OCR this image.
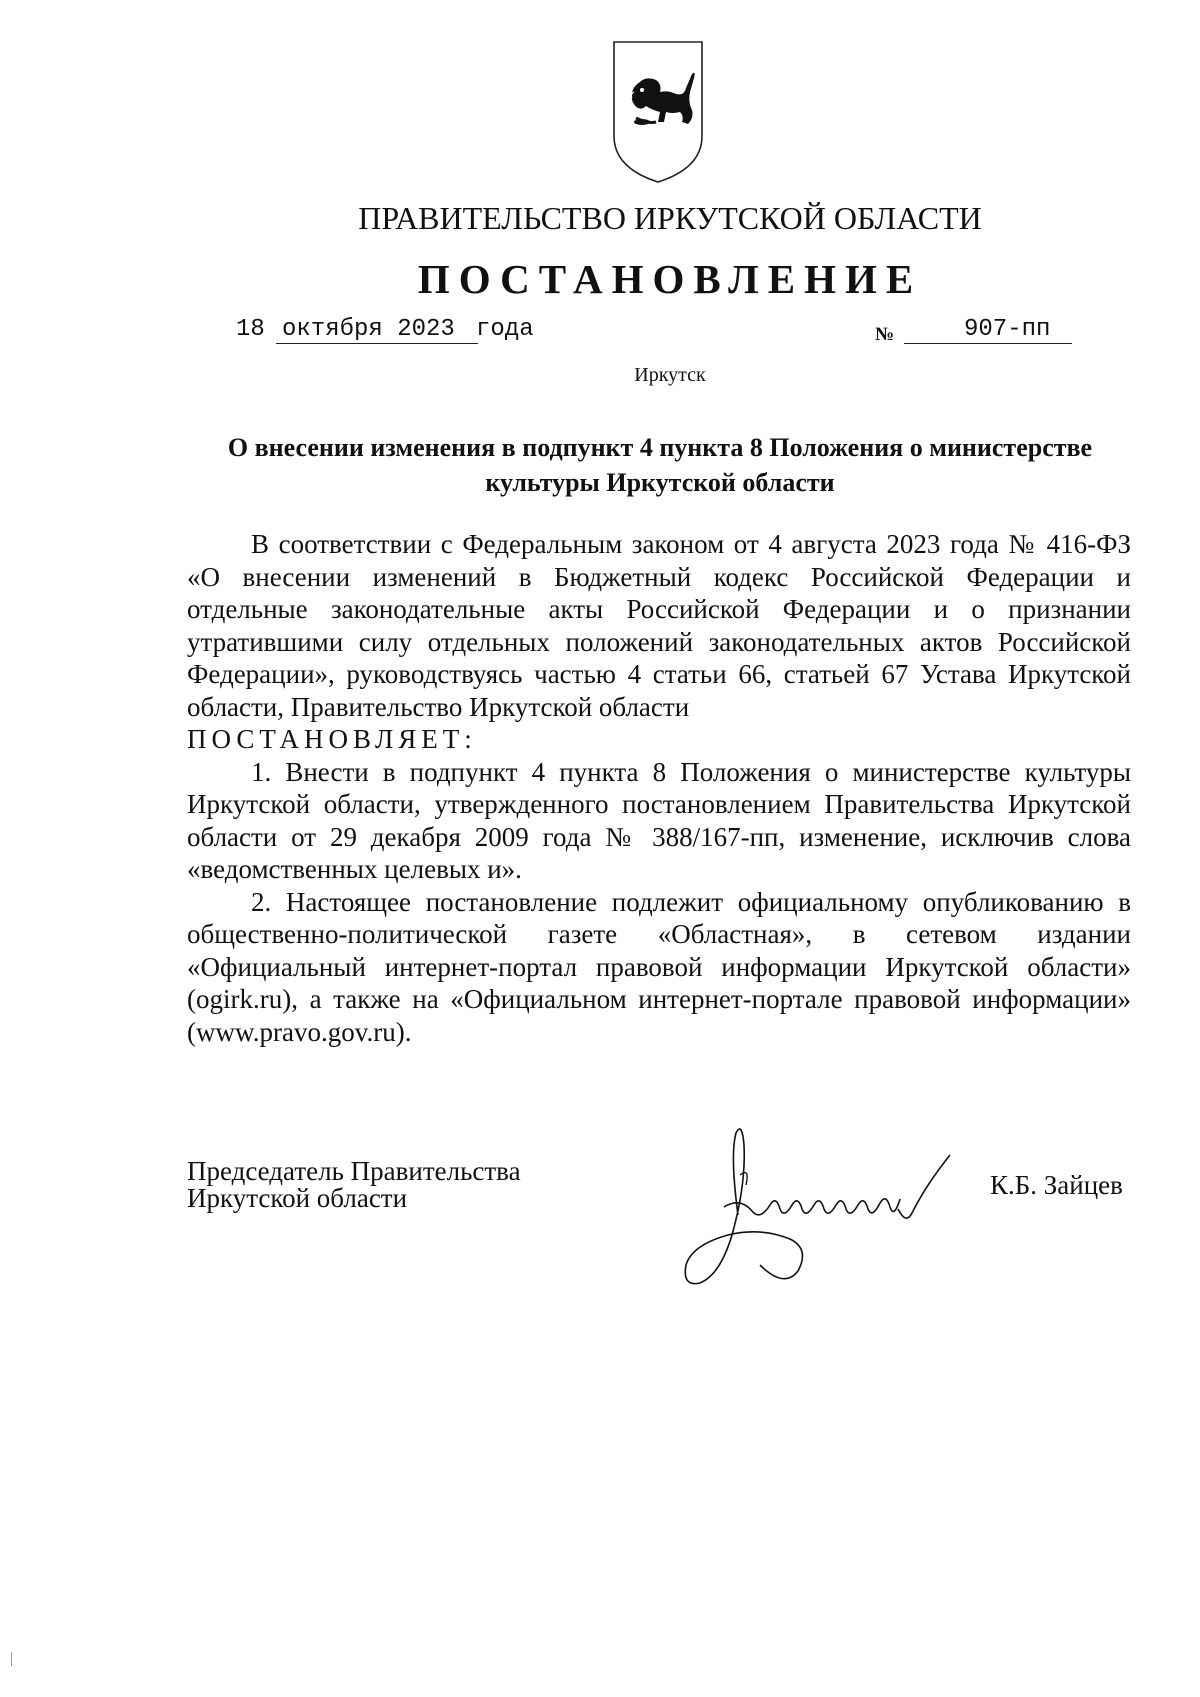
ПРАВИТЕЛЬСТВО ИРКУТСКОЙ ОБЛАСТИ
ПОСТАНОВЛЕНИЕ
18 октября 2023 года	№	907-пп
Иркутск
О внесении изменения в подпункт 4 пункта 8 Положения о министерстве культуры Иркутской области

В соответствии с Федеральным законом от 4 августа 2023 года № 416-ФЗ «О внесении изменений в Бюджетный кодекс Российской Федерации и отдельные законодательные акты Российской Федерации и о признании утратившими силу отдельных положений законодательных актов Российской Федерации», руководствуясь частью 4 статьи 66, статьей 67 Устава Иркутской области, Правительство Иркутской области

ПОСТАНОВЛЯЕТ:

1. Внести в подпункт 4 пункта 8 Положения о министерстве культуры Иркутской области, утвержденного постановлением Правительства Иркутской области от 29 декабря 2009 года № 388/167-пп, изменение, исключив слова «ведомственных целевых и».

2. Настоящее постановление подлежит официальному опубликованию в общественно-политической газете «Областная», в сетевом издании «Официальный интернет-портал правовой информации Иркутской области» (ogirk.ru), а также на «Официальном интернет-портале правовой информации» (www.pravo.gov.ru).

Председатель Правительства
Иркутской области	К.Б. Зайцев
